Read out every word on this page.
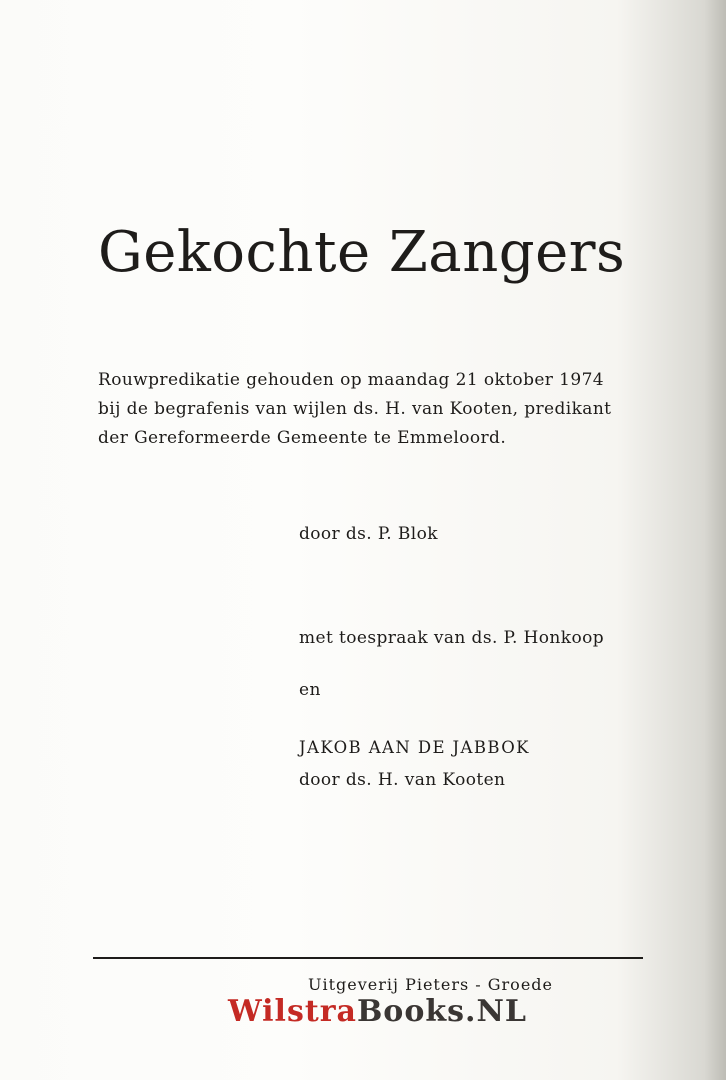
Gekochte Zangers
Rouwpredikatie gehouden op maandag 21 oktober 1974
bij de begrafenis van wijlen ds. H. van Kooten, predikant
der Gereformeerde Gemeente te Emmeloord.
door ds. P. Blok
met toespraak van ds. P. Honkoop
en
JAKOB AAN DE JABBOK
door ds. H. van Kooten
Uitgeverij Pieters - Groede
WilstraBooks.NL
